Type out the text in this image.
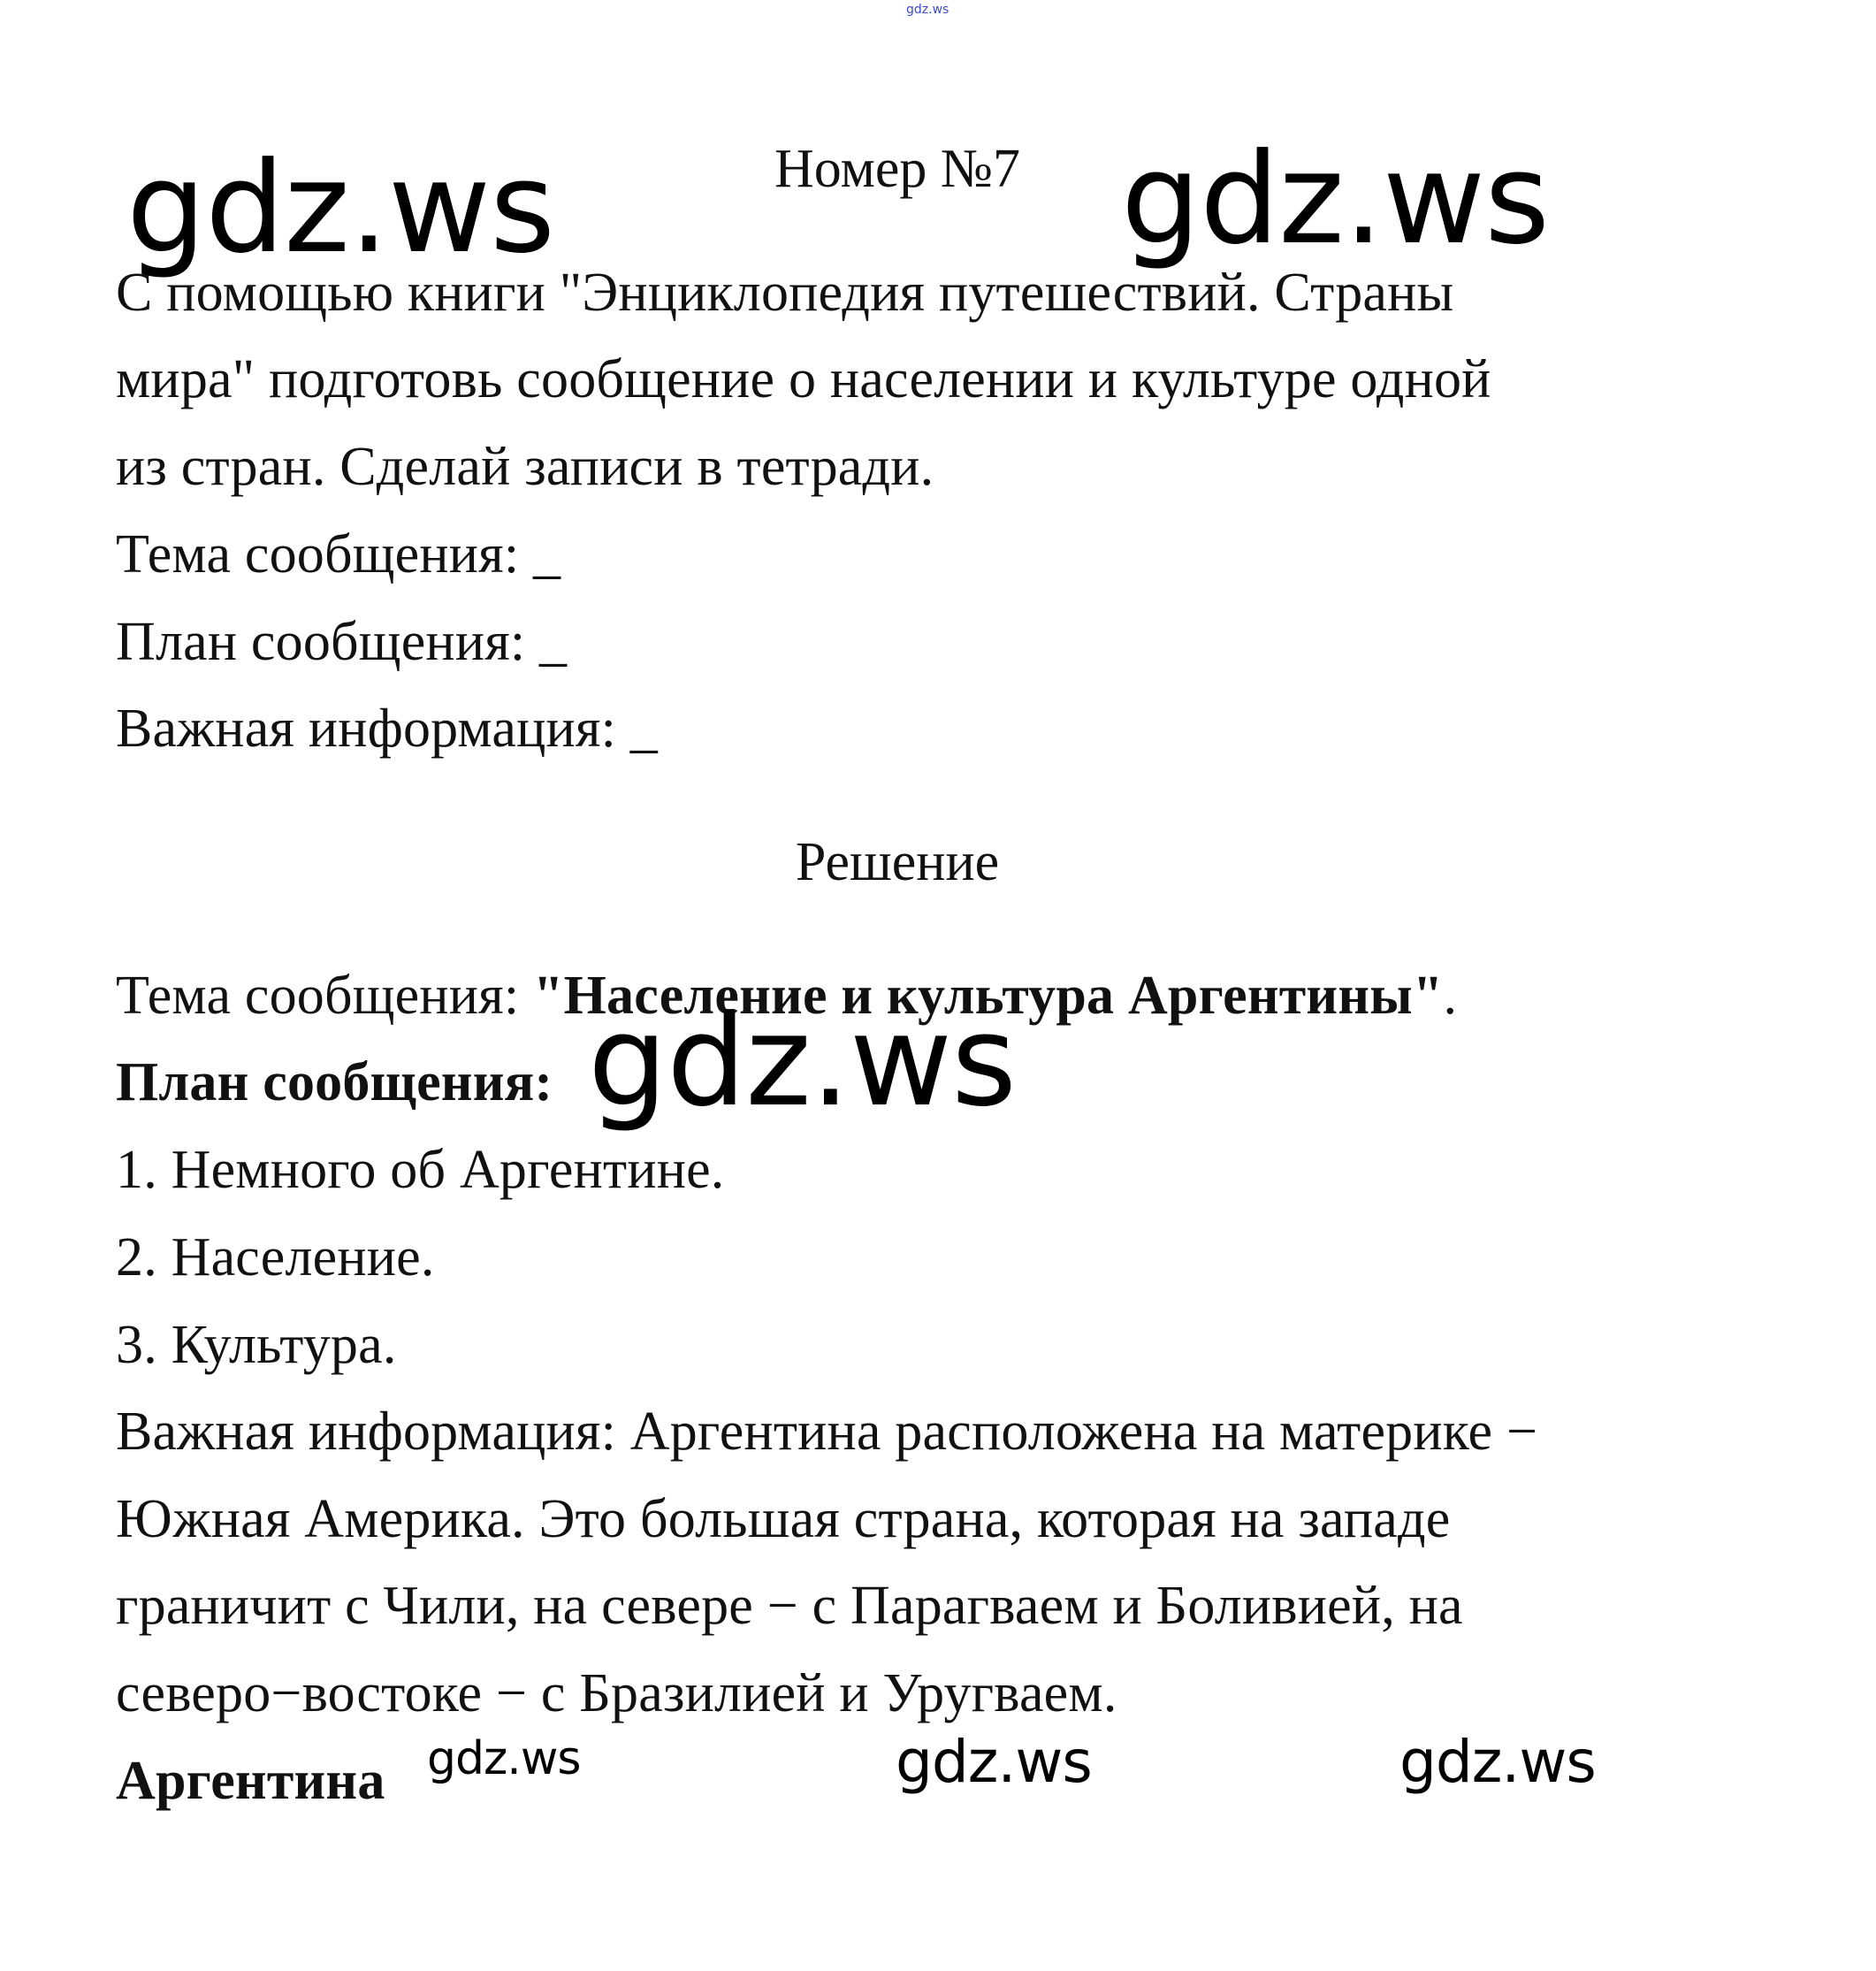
gdz.ws
Номер №7
gdz.ws	gdz.ws
С помощью книги "Энциклопедия путешествий. Страны
мира" подготовь сообщение о населении и культуре одной
из стран. Сделай записи в тетради.
Тема сообщения: _
План сообщения: _
Важная информация: _
Решение
Тема сообщения: "Население и культура Аргентины".
План сообщения: gdz.ws
1. Немного об Аргентине.
2. Население.
3. Культура.
Важная информация: Аргентина расположена на материке −
Южная Америка. Это большая страна, которая на западе
граничит с Чили, на севере − с Парагваем и Боливией, на
северо−востоке − с Бразилией и Уругваем.
Аргентина gdz.ws	gdz.ws	gdz.ws
